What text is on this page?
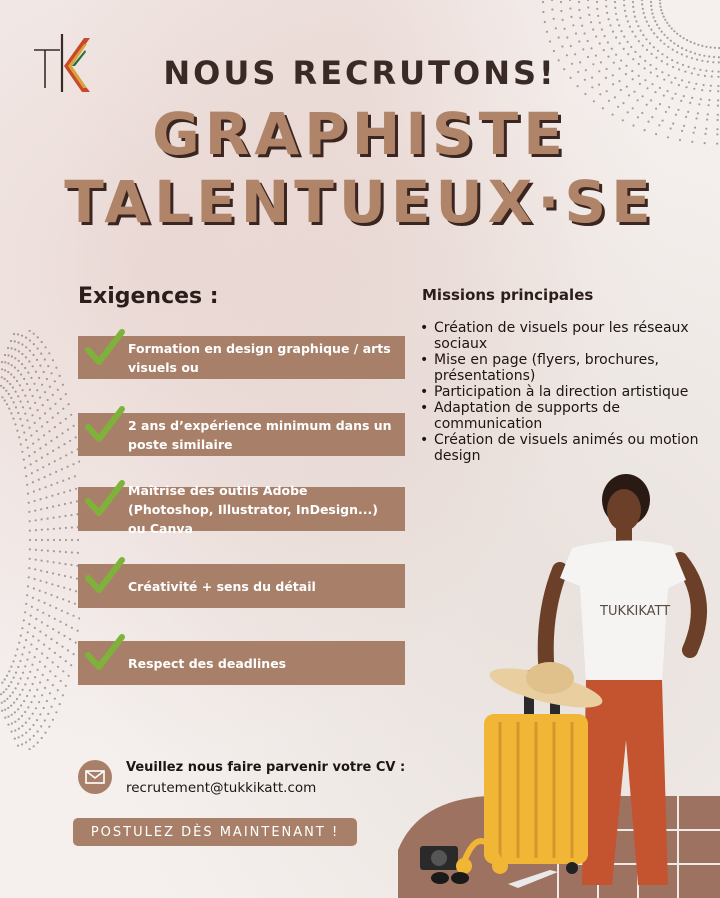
NOUS RECRUTONS!
GRAPHISTE
TALENTUEUX·SE
Exigences :
Formation en design graphique / arts visuels ou
2 ans d’expérience minimum dans un poste similaire
Maîtrise des outils Adobe (Photoshop, Illustrator, InDesign...) ou Canva
Créativité + sens du détail
Respect des deadlines
Missions principales
• Création de visuels pour les réseaux sociaux
• Mise en page (flyers, brochures, présentations)
• Participation à la direction artistique
• Adaptation de supports de communication
• Création de visuels animés ou motion design
TUKKIKATT
Veuillez nous faire parvenir votre CV :
recrutement@tukkikatt.com
POSTULEZ DÈS MAINTENANT !
